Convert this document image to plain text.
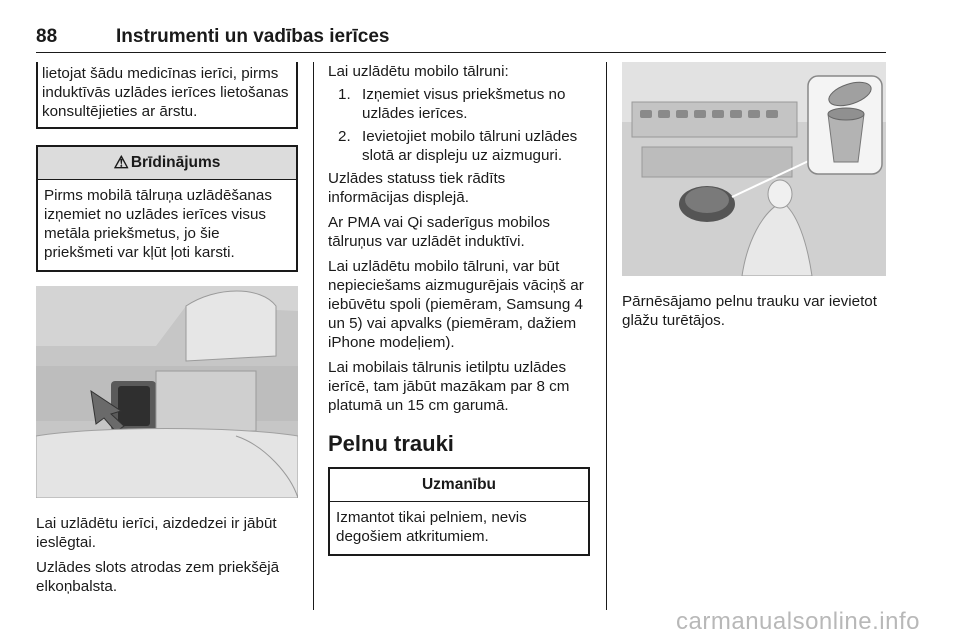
88	Instrumenti un vadības ierīces

lietojat šādu medicīnas ierīci, pirms induktīvās uzlādes ierīces lietošanas konsultējieties ar ārstu.

⚠ Brīdinājums

Pirms mobilā tālruņa uzlādēšanas izņemiet no uzlādes ierīces visus metāla priekšmetus, jo šie priekšmeti var kļūt ļoti karsti.

Lai uzlādētu ierīci, aizdedzei ir jābūt ieslēgtai.

Uzlādes slots atrodas zem priekšējā elkoņbalsta.

Lai uzlādētu mobilo tālruni:

1. Izņemiet visus priekšmetus no uzlādes ierīces.
2. Ievietojiet mobilo tālruni uzlādes slotā ar displeju uz aizmuguri.

Uzlādes statuss tiek rādīts informācijas displejā.

Ar PMA vai Qi saderīgus mobilos tālruņus var uzlādēt induktīvi.

Lai uzlādētu mobilo tālruni, var būt nepieciešams aizmugurējais vāciņš ar iebūvētu spoli (piemēram, Samsung 4 un 5) vai apvalks (piemēram, dažiem iPhone modeļiem).

Lai mobilais tālrunis ietilptu uzlādes ierīcē, tam jābūt mazākam par 8 cm platumā un 15 cm garumā.

Pelnu trauki
Uzmanību

Izmantot tikai pelniem, nevis degošiem atkritumiem.

Pārnēsājamo pelnu trauku var ievietot glāžu turētājos.

carmanualsonline.info
